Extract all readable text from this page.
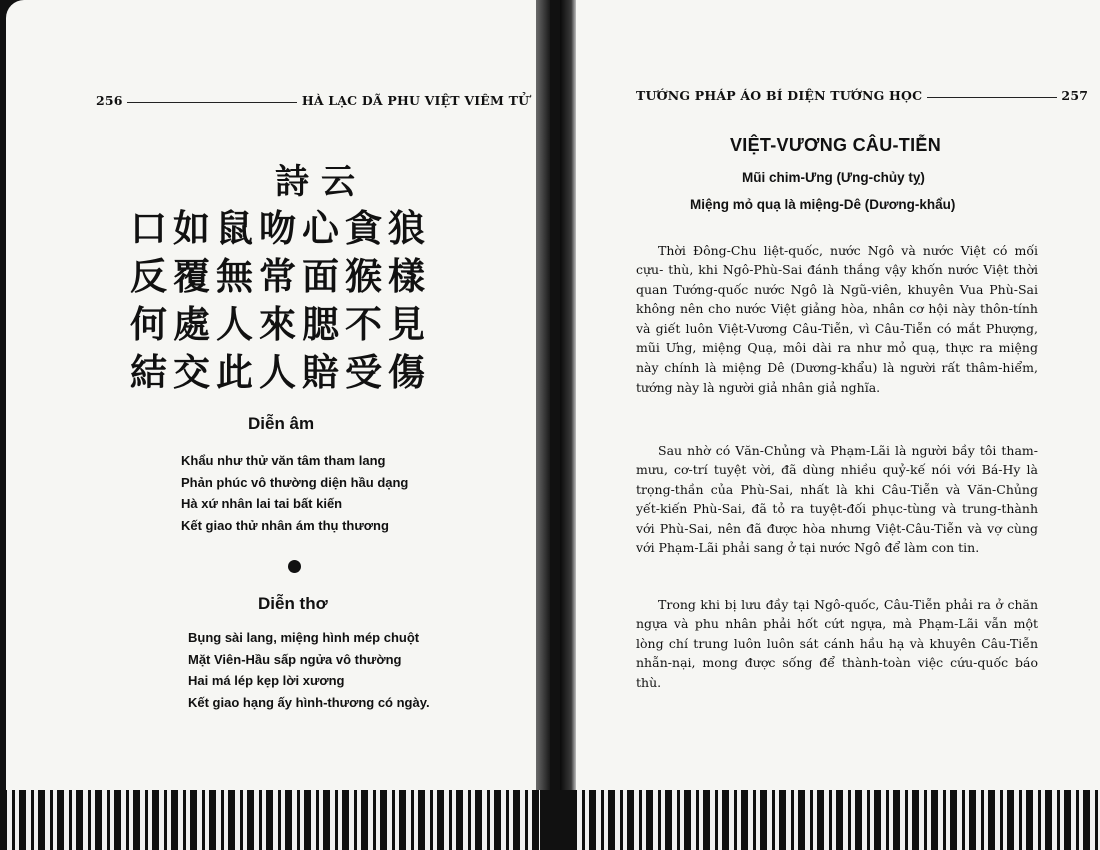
256	HÀ LẠC DÃ PHU VIỆT VIÊM TỬ
詩云
口如鼠吻心貪狼
反覆無常面猴樣
何處人來腮不見
結交此人賠受傷
Diễn âm
Khẩu như thử văn tâm tham lang
Phản phúc vô thường diện hầu dạng
Hà xứ nhân lai tai bất kiến
Kết giao thử nhân ám thụ thương
Diễn thơ
Bụng sài lang, miệng hình mép chuột
Mặt Viên-Hầu sấp ngửa vô thường
Hai má lép kẹp lời xương
Kết giao hạng ấy hình-thương có ngày.
TƯỚNG PHÁP ÁO BÍ DIỆN TƯỚNG HỌC	257
VIỆT-VƯƠNG CÂU-TIỄN
Mũi chim-Ưng (Ưng-chủy tỵ)
Miệng mỏ quạ là miệng-Dê (Dương-khẩu)

Thời Đông-Chu liệt-quốc, nước Ngô và nước Việt có mối cựu- thù, khi Ngô-Phù-Sai đánh thắng vậy khốn nước Việt thời quan Tướng-quốc nước Ngô là Ngũ-viên, khuyên Vua Phù-Sai không nên cho nước Việt giảng hòa, nhân cơ hội này thôn-tính và giết luôn Việt-Vương Câu-Tiễn, vì Câu-Tiễn có mắt Phượng, mũi Ưng, miệng Quạ, môi dài ra như mỏ quạ, thực ra miệng này chính là miệng Dê (Dương-khẩu) là người rất thâm-hiểm, tướng này là người giả nhân giả nghĩa.

Sau nhờ có Văn-Chủng và Phạm-Lãi là người bầy tôi tham-mưu, cơ-trí tuyệt vời, đã dùng nhiều quỷ-kế nói với Bá-Hy là trọng-thần của Phù-Sai, nhất là khi Câu-Tiễn và Văn-Chủng yết-kiến Phù-Sai, đã tỏ ra tuyệt-đối phục-tùng và trung-thành với Phù-Sai, nên đã được hòa nhưng Việt-Câu-Tiễn và vợ cùng với Phạm-Lãi phải sang ở tại nước Ngô để làm con tin.

Trong khi bị lưu đầy tại Ngô-quốc, Câu-Tiễn phải ra ở chăn ngựa và phu nhân phải hốt cứt ngựa, mà Phạm-Lãi vẫn một lòng chí trung luôn luôn sát cánh hầu hạ và khuyên Câu-Tiễn nhẫn-nại, mong được sống để thành-toàn việc cứu-quốc báo thù.
